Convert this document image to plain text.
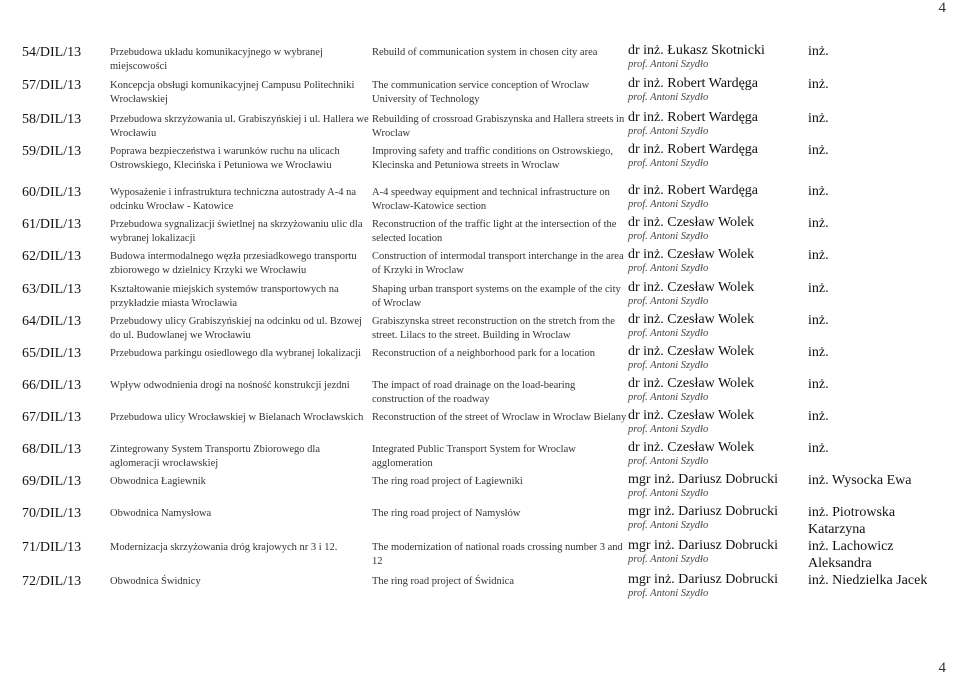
4
54/DIL/13	Przebudowa układu komunikacyjnego w wybranej miejscowości	Rebuild of communication system in chosen city area	dr inż. Łukasz Skotnicki
prof. Antoni Szydło	inż.
57/DIL/13	Koncepcja obsługi komunikacyjnej Campusu Politechniki Wrocławskiej	The communication service conception of Wroclaw University of Technology	dr inż. Robert Wardęga
prof. Antoni Szydło	inż.
58/DIL/13	Przebudowa skrzyżowania ul. Grabiszyńskiej i ul. Hallera we Wrocławiu	Rebuilding of crossroad Grabiszynska and Hallera streets in Wroclaw	dr inż. Robert Wardęga
prof. Antoni Szydło	inż.
59/DIL/13	Poprawa bezpieczeństwa i warunków ruchu na ulicach Ostrowskiego, Klecińska i Petuniowa we Wrocławiu	Improving safety and traffic conditions on Ostrowskiego, Klecinska and Petuniowa streets in Wroclaw	dr inż. Robert Wardęga
prof. Antoni Szydło	inż.
60/DIL/13	Wyposażenie i infrastruktura techniczna autostrady A-4 na odcinku Wrocław - Katowice	A-4 speedway equipment and technical infrastructure on Wroclaw-Katowice section	dr inż. Robert Wardęga
prof. Antoni Szydło	inż.
61/DIL/13	Przebudowa sygnalizacji świetlnej na skrzyżowaniu ulic dla wybranej lokalizacji	Reconstruction of the traffic light at the intersection of the selected location	dr inż. Czesław Wolek
prof. Antoni Szydło	inż.
62/DIL/13	Budowa intermodalnego węzła przesiadkowego transportu zbiorowego w dzielnicy Krzyki we Wrocławiu	Construction of intermodal transport interchange in the area of Krzyki in Wroclaw	dr inż. Czesław Wolek
prof. Antoni Szydło	inż.
63/DIL/13	Kształtowanie miejskich systemów transportowych na przykładzie miasta Wrocławia	Shaping urban transport systems on the example of the city of Wroclaw	dr inż. Czesław Wolek
prof. Antoni Szydło	inż.
64/DIL/13	Przebudowy ulicy Grabiszyńskiej na odcinku od ul. Bzowej do ul. Budowlanej we Wrocławiu	Grabiszynska street reconstruction on the stretch from the street. Lilacs to the street. Building in Wroclaw	dr inż. Czesław Wolek
prof. Antoni Szydło	inż.
65/DIL/13	Przebudowa parkingu osiedlowego dla wybranej lokalizacji	Reconstruction of a neighborhood park for a location	dr inż. Czesław Wolek
prof. Antoni Szydło	inż.
66/DIL/13	Wpływ odwodnienia drogi na nośność konstrukcji jezdni	The impact of road drainage on the load-bearing construction of the roadway	dr inż. Czesław Wolek
prof. Antoni Szydło	inż.
67/DIL/13	Przebudowa ulicy Wrocławskiej w Bielanach Wrocławskich	Reconstruction of the street of Wroclaw in Wroclaw Bielany	dr inż. Czesław Wolek
prof. Antoni Szydło	inż.
68/DIL/13	Zintegrowany System Transportu Zbiorowego dla aglomeracji wrocławskiej	Integrated Public Transport System for Wroclaw agglomeration	dr inż. Czesław Wolek
prof. Antoni Szydło	inż.
69/DIL/13	Obwodnica Łagiewnik	The ring road project of Łagiewniki	mgr inż. Dariusz Dobrucki
prof. Antoni Szydło	inż. Wysocka Ewa
70/DIL/13	Obwodnica Namysłowa	The ring road project of Namysłów	mgr inż. Dariusz Dobrucki
prof. Antoni Szydło	inż. Piotrowska Katarzyna
71/DIL/13	Modernizacja skrzyżowania dróg krajowych nr 3 i 12.	The modernization of national roads crossing number 3 and 12	mgr inż. Dariusz Dobrucki
prof. Antoni Szydło	inż. Lachowicz Aleksandra
72/DIL/13	Obwodnica Świdnicy	The ring road project of Świdnica	mgr inż. Dariusz Dobrucki
prof. Antoni Szydło	inż. Niedzielka Jacek
4
